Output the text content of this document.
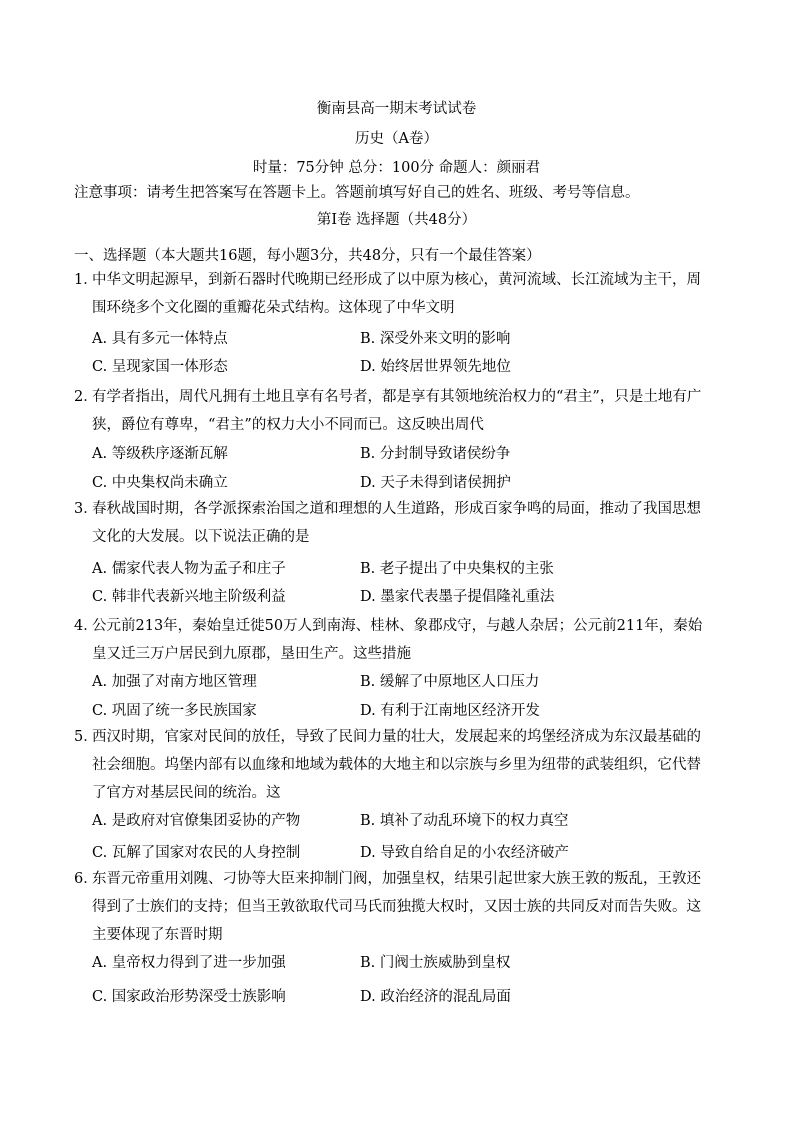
衡南县高一期末考试试卷
历史（A卷）
时量：75分钟 总分：100分 命题人：颜丽君
注意事项：请考生把答案写在答题卡上。答题前填写好自己的姓名、班级、考号等信息。
第Ⅰ卷 选择题（共48分）
一、选择题（本大题共16题，每小题3分，共48分，只有一个最佳答案）
1．
中华文明起源早，到新石器时代晚期已经形成了以中原为核心，黄河流域、长江流域为主干，周围环绕多个文化圈的重瓣花朵式结构。这体现了中华文明
A. 具有多元一体特点	B. 深受外来文明的影响
C. 呈现家国一体形态	D. 始终居世界领先地位
2．
有学者指出，周代凡拥有土地且享有名号者，都是享有其领地统治权力的“君主”，只是土地有广狭，爵位有尊卑，“君主”的权力大小不同而已。这反映出周代
A. 等级秩序逐渐瓦解	B. 分封制导致诸侯纷争
C. 中央集权尚未确立	D. 天子未得到诸侯拥护
3．
春秋战国时期，各学派探索治国之道和理想的人生道路，形成百家争鸣的局面，推动了我国思想文化的大发展。以下说法正确的是
A. 儒家代表人物为孟子和庄子	B. 老子提出了中央集权的主张
C. 韩非代表新兴地主阶级利益	D. 墨家代表墨子提倡隆礼重法
4．
公元前213年，秦始皇迁徙50万人到南海、桂林、象郡戍守，与越人杂居；公元前211年，秦始皇又迁三万户居民到九原郡，垦田生产。这些措施
A. 加强了对南方地区管理	B. 缓解了中原地区人口压力
C. 巩固了统一多民族国家	D. 有利于江南地区经济开发
5．
西汉时期，官家对民间的放任，导致了民间力量的壮大，发展起来的坞堡经济成为东汉最基础的社会细胞。坞堡内部有以血缘和地域为载体的大地主和以宗族与乡里为纽带的武装组织，它代替了官方对基层民间的统治。这
A. 是政府对官僚集团妥协的产物	B. 填补了动乱环境下的权力真空
C. 瓦解了国家对农民的人身控制	D. 导致自给自足的小农经济破产
6．
东晋元帝重用刘隗、刁协等大臣来抑制门阀，加强皇权，结果引起世家大族王敦的叛乱，王敦还得到了士族们的支持；但当王敦欲取代司马氏而独揽大权时，又因士族的共同反对而告失败。这主要体现了东晋时期
A. 皇帝权力得到了进一步加强	B. 门阀士族威胁到皇权
C. 国家政治形势深受士族影响	D. 政治经济的混乱局面
